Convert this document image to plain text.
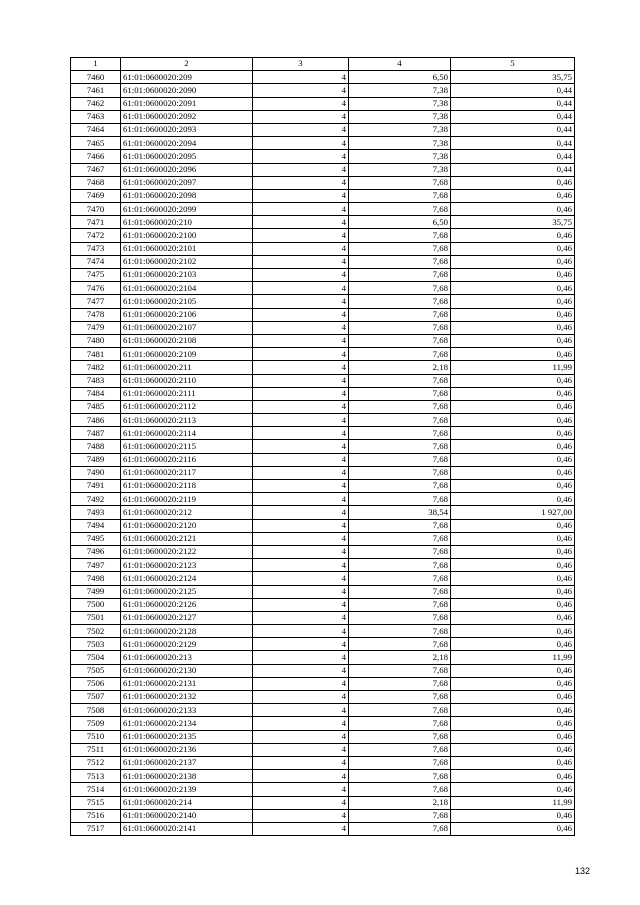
1	2	3	4	5
7460	61:01:0600020:209	4	6,50	35,75
7461	61:01:0600020:2090	4	7,38	0,44
7462	61:01:0600020:2091	4	7,38	0,44
7463	61:01:0600020:2092	4	7,38	0,44
7464	61:01:0600020:2093	4	7,38	0,44
7465	61:01:0600020:2094	4	7,38	0,44
7466	61:01:0600020:2095	4	7,38	0,44
7467	61:01:0600020:2096	4	7,38	0,44
7468	61:01:0600020:2097	4	7,68	0,46
7469	61:01:0600020:2098	4	7,68	0,46
7470	61:01:0600020:2099	4	7,68	0,46
7471	61:01:0600020:210	4	6,50	35,75
7472	61:01:0600020:2100	4	7,68	0,46
7473	61:01:0600020:2101	4	7,68	0,46
7474	61:01:0600020:2102	4	7,68	0,46
7475	61:01:0600020:2103	4	7,68	0,46
7476	61:01:0600020:2104	4	7,68	0,46
7477	61:01:0600020:2105	4	7,68	0,46
7478	61:01:0600020:2106	4	7,68	0,46
7479	61:01:0600020:2107	4	7,68	0,46
7480	61:01:0600020:2108	4	7,68	0,46
7481	61:01:0600020:2109	4	7,68	0,46
7482	61:01:0600020:211	4	2,18	11,99
7483	61:01:0600020:2110	4	7,68	0,46
7484	61:01:0600020:2111	4	7,68	0,46
7485	61:01:0600020:2112	4	7,68	0,46
7486	61:01:0600020:2113	4	7,68	0,46
7487	61:01:0600020:2114	4	7,68	0,46
7488	61:01:0600020:2115	4	7,68	0,46
7489	61:01:0600020:2116	4	7,68	0,46
7490	61:01:0600020:2117	4	7,68	0,46
7491	61:01:0600020:2118	4	7,68	0,46
7492	61:01:0600020:2119	4	7,68	0,46
7493	61:01:0600020:212	4	38,54	1 927,00
7494	61:01:0600020:2120	4	7,68	0,46
7495	61:01:0600020:2121	4	7,68	0,46
7496	61:01:0600020:2122	4	7,68	0,46
7497	61:01:0600020:2123	4	7,68	0,46
7498	61:01:0600020:2124	4	7,68	0,46
7499	61:01:0600020:2125	4	7,68	0,46
7500	61:01:0600020:2126	4	7,68	0,46
7501	61:01:0600020:2127	4	7,68	0,46
7502	61:01:0600020:2128	4	7,68	0,46
7503	61:01:0600020:2129	4	7,68	0,46
7504	61:01:0600020:213	4	2,18	11,99
7505	61:01:0600020:2130	4	7,68	0,46
7506	61:01:0600020:2131	4	7,68	0,46
7507	61:01:0600020:2132	4	7,68	0,46
7508	61:01:0600020:2133	4	7,68	0,46
7509	61:01:0600020:2134	4	7,68	0,46
7510	61:01:0600020:2135	4	7,68	0,46
7511	61:01:0600020:2136	4	7,68	0,46
7512	61:01:0600020:2137	4	7,68	0,46
7513	61:01:0600020:2138	4	7,68	0,46
7514	61:01:0600020:2139	4	7,68	0,46
7515	61:01:0600020:214	4	2,18	11,99
7516	61:01:0600020:2140	4	7,68	0,46
7517	61:01:0600020:2141	4	7,68	0,46
132
